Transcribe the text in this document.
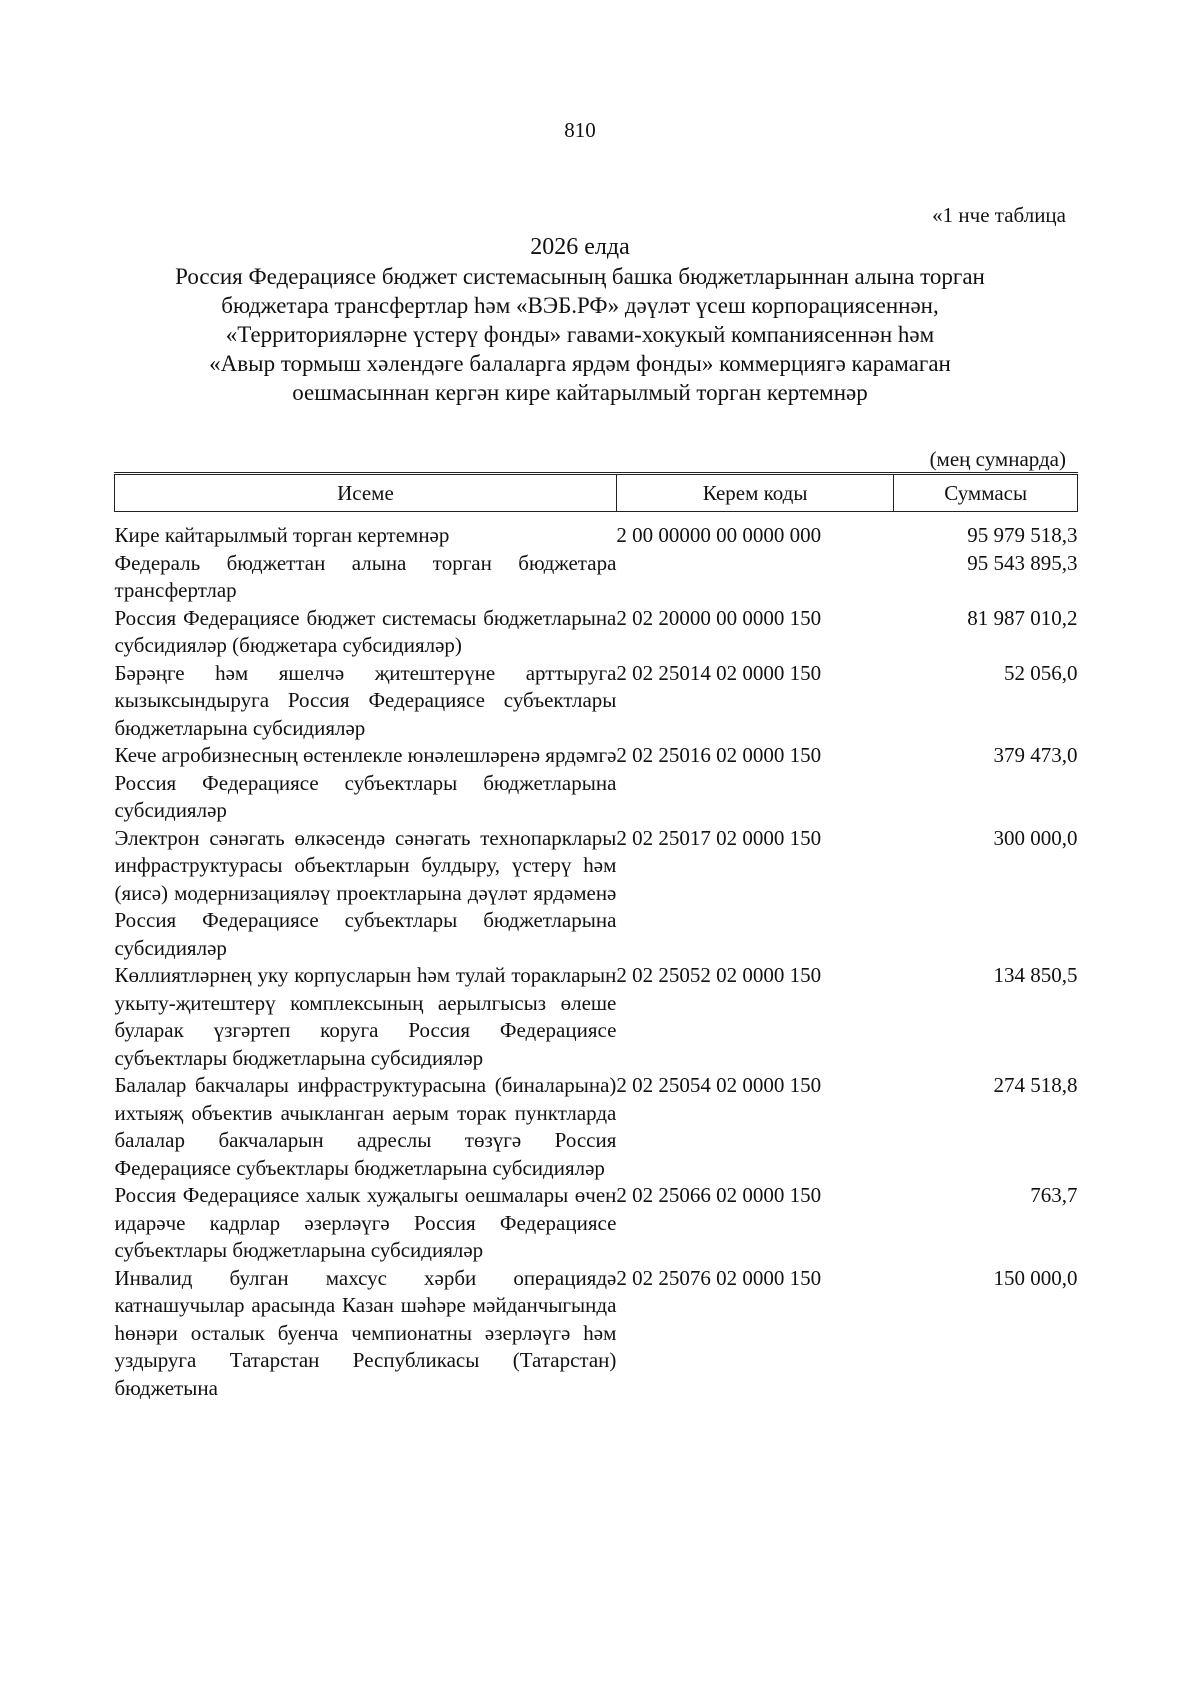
810
«1 нче таблица
2026 елда
Россия Федерациясе бюджет системасының башка бюджетларыннан алына торган
бюджетара трансфертлар һәм «ВЭБ.РФ» дәүләт үсеш корпорациясеннән,
«Территорияләрне үстерү фонды» гавами-хокукый компаниясеннән һәм
«Авыр тормыш хәлендәге балаларга ярдәм фонды» коммерциягә карамаган
оешмасыннан кергән кире кайтарылмый торган кертемнәр
(мең сумнарда)
Исеме	Керем коды	Суммасы
Кире кайтарылмый торган кертемнәр	2 00 00000 00 0000 000	95 979 518,3
Федераль бюджеттан алына торган бюджетара трансфертлар		95 543 895,3
Россия Федерациясе бюджет системасы бюджетларына субсидияләр (бюджетара субсидияләр)	2 02 20000 00 0000 150	81 987 010,2
Бәрәңге һәм яшелчә җитештерүне арттыруга кызыксындыруга Россия Федерациясе субъектлары бюджетларына субсидияләр	2 02 25014 02 0000 150	52 056,0
Кече агробизнесның өстенлекле юнәлешләренә ярдәмгә Россия Федерациясе субъектлары бюджетларына субсидияләр	2 02 25016 02 0000 150	379 473,0
Электрон сәнәгать өлкәсендә сәнәгать технопарклары инфраструктурасы объектларын булдыру, үстерү һәм (яисә) модернизацияләү проектларына дәүләт ярдәменә Россия Федерациясе субъектлары бюджетларына субсидияләр	2 02 25017 02 0000 150	300 000,0
Көллиятләрнең уку корпусларын һәм тулай торакларын укыту-җитештерү комплексының аерылгысыз өлеше буларак үзгәртеп коруга Россия Федерациясе субъектлары бюджетларына субсидияләр	2 02 25052 02 0000 150	134 850,5
Балалар бакчалары инфраструктурасына (биналарына) ихтыяҗ объектив ачыкланган аерым торак пунктларда балалар бакчаларын адреслы төзүгә Россия Федерациясе субъектлары бюджетларына субсидияләр	2 02 25054 02 0000 150	274 518,8
Россия Федерациясе халык хуҗалыгы оешмалары өчен идарәче кадрлар әзерләүгә Россия Федерациясе субъектлары бюджетларына субсидияләр	2 02 25066 02 0000 150	763,7
Инвалид булган махсус хәрби операциядә катнашучылар арасында Казан шәһәре мәйданчыгында һөнәри осталык буенча чемпионатны әзерләүгә һәм уздыруга Татарстан Республикасы (Татарстан) бюджетына	2 02 25076 02 0000 150	150 000,0
